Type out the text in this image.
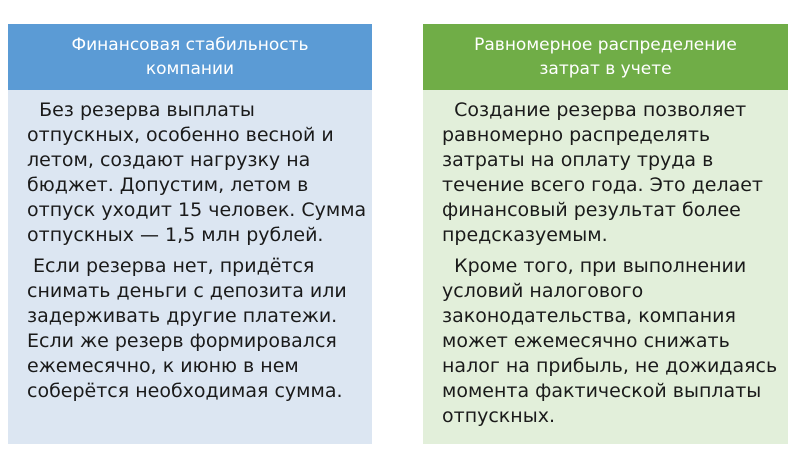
Финансовая стабильность
компании

Без резерва выплаты
отпускных, особенно весной и
летом, создают нагрузку на
бюджет. Допустим, летом в
отпуск уходит 15 человек. Сумма
отпускных — 1,5 млн рублей.

Если резерва нет, придётся
снимать деньги с депозита или
задерживать другие платежи.
Если же резерв формировался
ежемесячно, к июню в нем
соберётся необходимая сумма.

Равномерное распределение
затрат в учете

Создание резерва позволяет
равномерно распределять
затраты на оплату труда в
течение всего года. Это делает
финансовый результат более
предсказуемым.

Кроме того, при выполнении
условий налогового
законодательства, компания
может ежемесячно снижать
налог на прибыль, не дожидаясь
момента фактической выплаты
отпускных.
